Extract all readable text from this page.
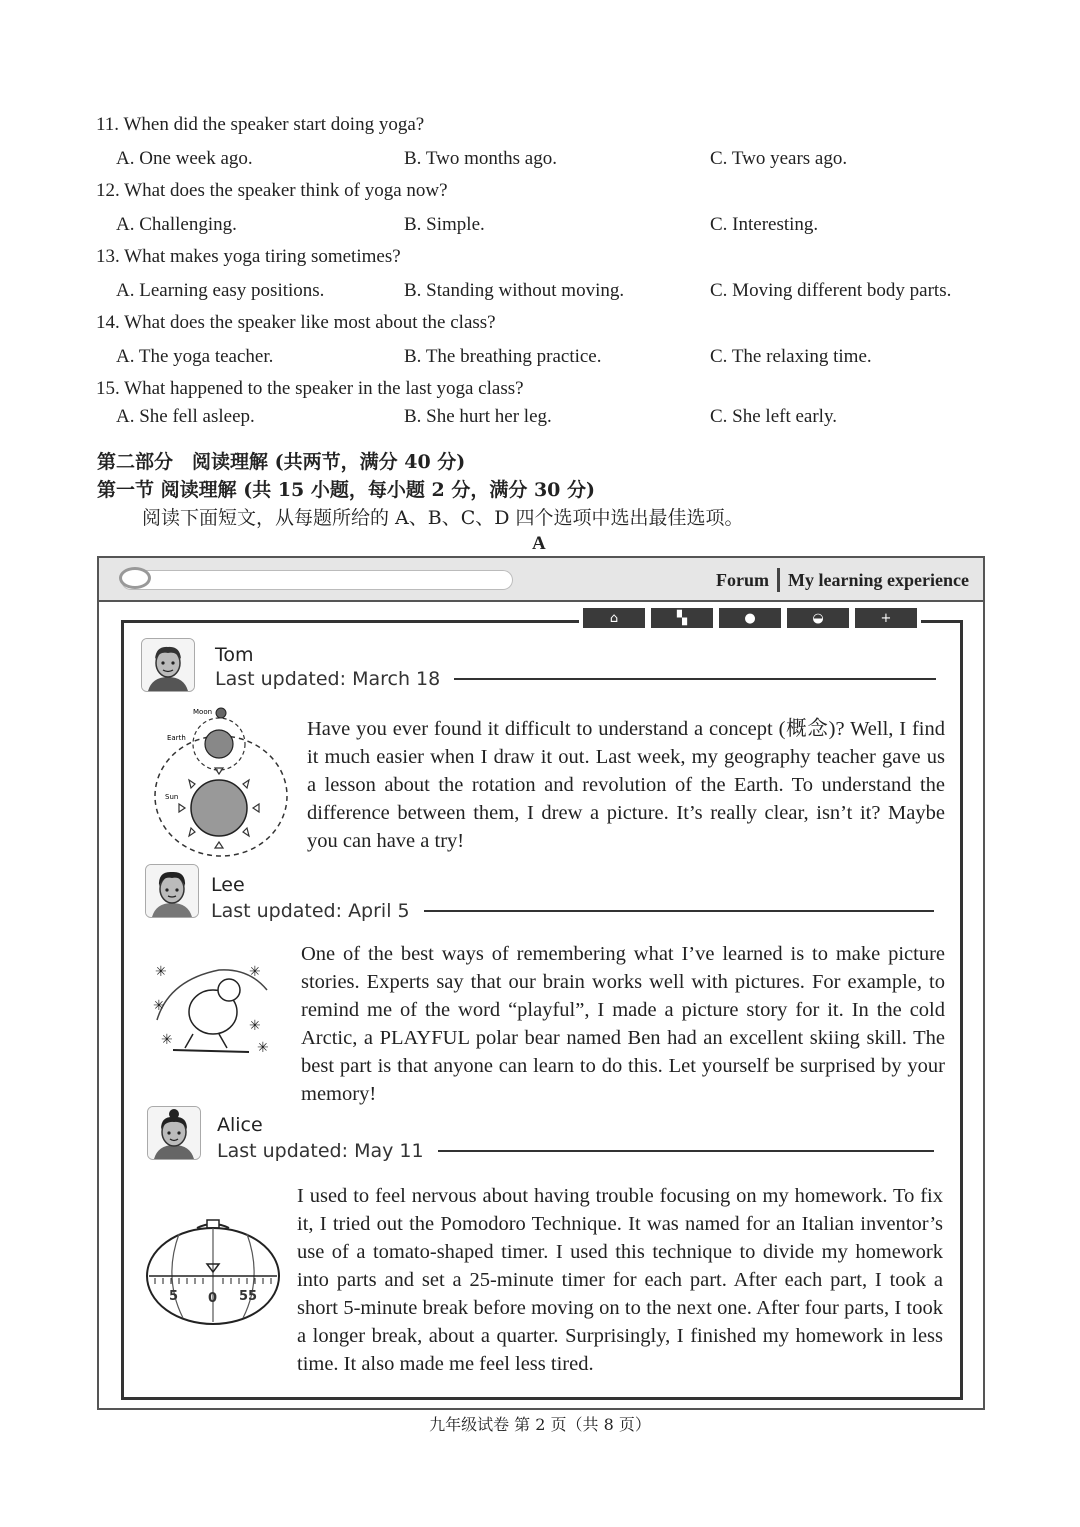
11. When did the speaker start doing yoga?
A. One week ago.	B. Two months ago.	C. Two years ago.
12. What does the speaker think of yoga now?
A. Challenging.	B. Simple.	C. Interesting.
13. What makes yoga tiring sometimes?
A. Learning easy positions.	B. Standing without moving.	C. Moving different body parts.
14. What does the speaker like most about the class?
A. The yoga teacher.	B. The breathing practice.	C. The relaxing time.
15. What happened to the speaker in the last yoga class?
A. She fell asleep.	B. She hurt her leg.	C. She left early.
第二部分　阅读理解 (共两节，满分 40 分)
第一节 阅读理解 (共 15 小题，每小题 2 分，满分 30 分)
阅读下面短文，从每题所给的 A、B、C、D 四个选项中选出最佳选项。
A
Forum My learning experience
⌂	▚	●	◒	+
Tom
Last updated: March 18
Moon
Earth
Sun
Have you ever found it difficult to understand a concept (概念)? Well, I find it much easier when I draw it out. Last week, my geography teacher gave us a lesson about the rotation and revolution of the Earth. To understand the difference between them, I drew a picture. It’s really clear, isn’t it? Maybe you can have a try!
Lee
Last updated: April 5
✳	✳
✳
✳
✳
✳
One of the best ways of remembering what I’ve learned is to make picture stories. Experts say that our brain works well with pictures. For example, to remind me of the word “playful”, I made a picture story for it. In the cold Arctic, a PLAYFUL polar bear named Ben had an excellent skiing skill. The best part is that anyone can learn to do this. Let yourself be surprised by your memory!
Alice
Last updated: May 11
5 0 55
I used to feel nervous about having trouble focusing on my homework. To fix it, I tried out the Pomodoro Technique. It was named for an Italian inventor’s use of a tomato-shaped timer. I used this technique to divide my homework into parts and set a 25-minute timer for each part. After each part, I took a short 5-minute break before moving on to the next one. After four parts, I took a longer break, about a quarter. Surprisingly, I finished my homework in less time. It also made me feel less tired.
九年级试卷 第 2 页（共 8 页）
